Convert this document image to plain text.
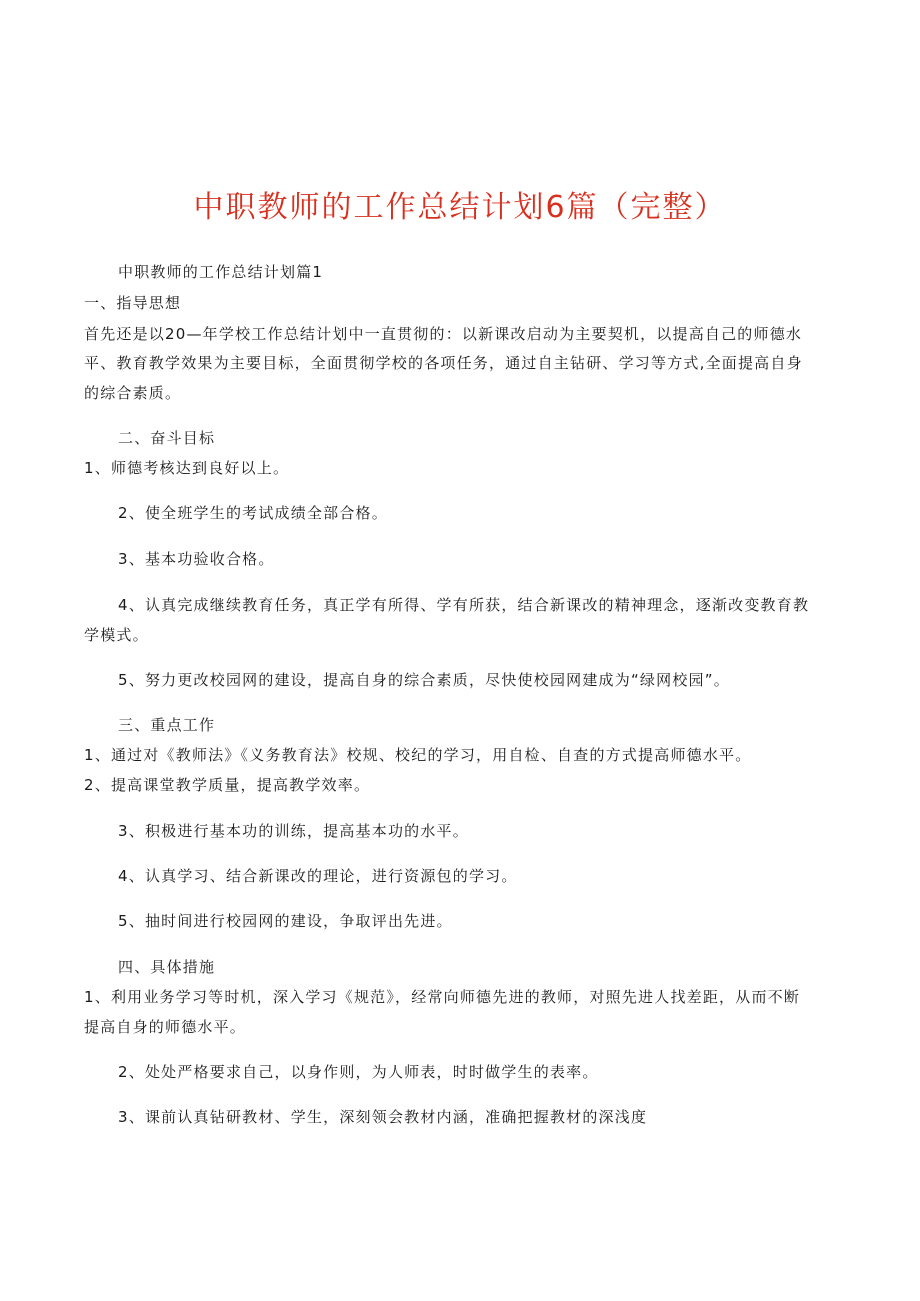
中职教师的工作总结计划6篇（完整）

中职教师的工作总结计划篇1

一、指导思想

首先还是以20—年学校工作总结计划中一直贯彻的：以新课改启动为主要契机，以提高自己的师德水

平、教育教学效果为主要目标，全面贯彻学校的各项任务，通过自主钻研、学习等方式,全面提高自身

的综合素质。

二、奋斗目标

1、师德考核达到良好以上。

2、使全班学生的考试成绩全部合格。

3、基本功验收合格。

4、认真完成继续教育任务，真正学有所得、学有所获，结合新课改的精神理念，逐渐改变教育教

学模式。

5、努力更改校园网的建设，提高自身的综合素质，尽快使校园网建成为“绿网校园”。

三、重点工作

1、通过对《教师法》《义务教育法》校规、校纪的学习，用自检、自查的方式提高师德水平。

2、提高课堂教学质量，提高教学效率。

3、积极进行基本功的训练，提高基本功的水平。

4、认真学习、结合新课改的理论，进行资源包的学习。

5、抽时间进行校园网的建设，争取评出先进。

四、具体措施

1、利用业务学习等时机，深入学习《规范》，经常向师德先进的教师，对照先进人找差距，从而不断

提高自身的师德水平。

2、处处严格要求自己，以身作则，为人师表，时时做学生的表率。

3、课前认真钻研教材、学生，深刻领会教材内涵，准确把握教材的深浅度
